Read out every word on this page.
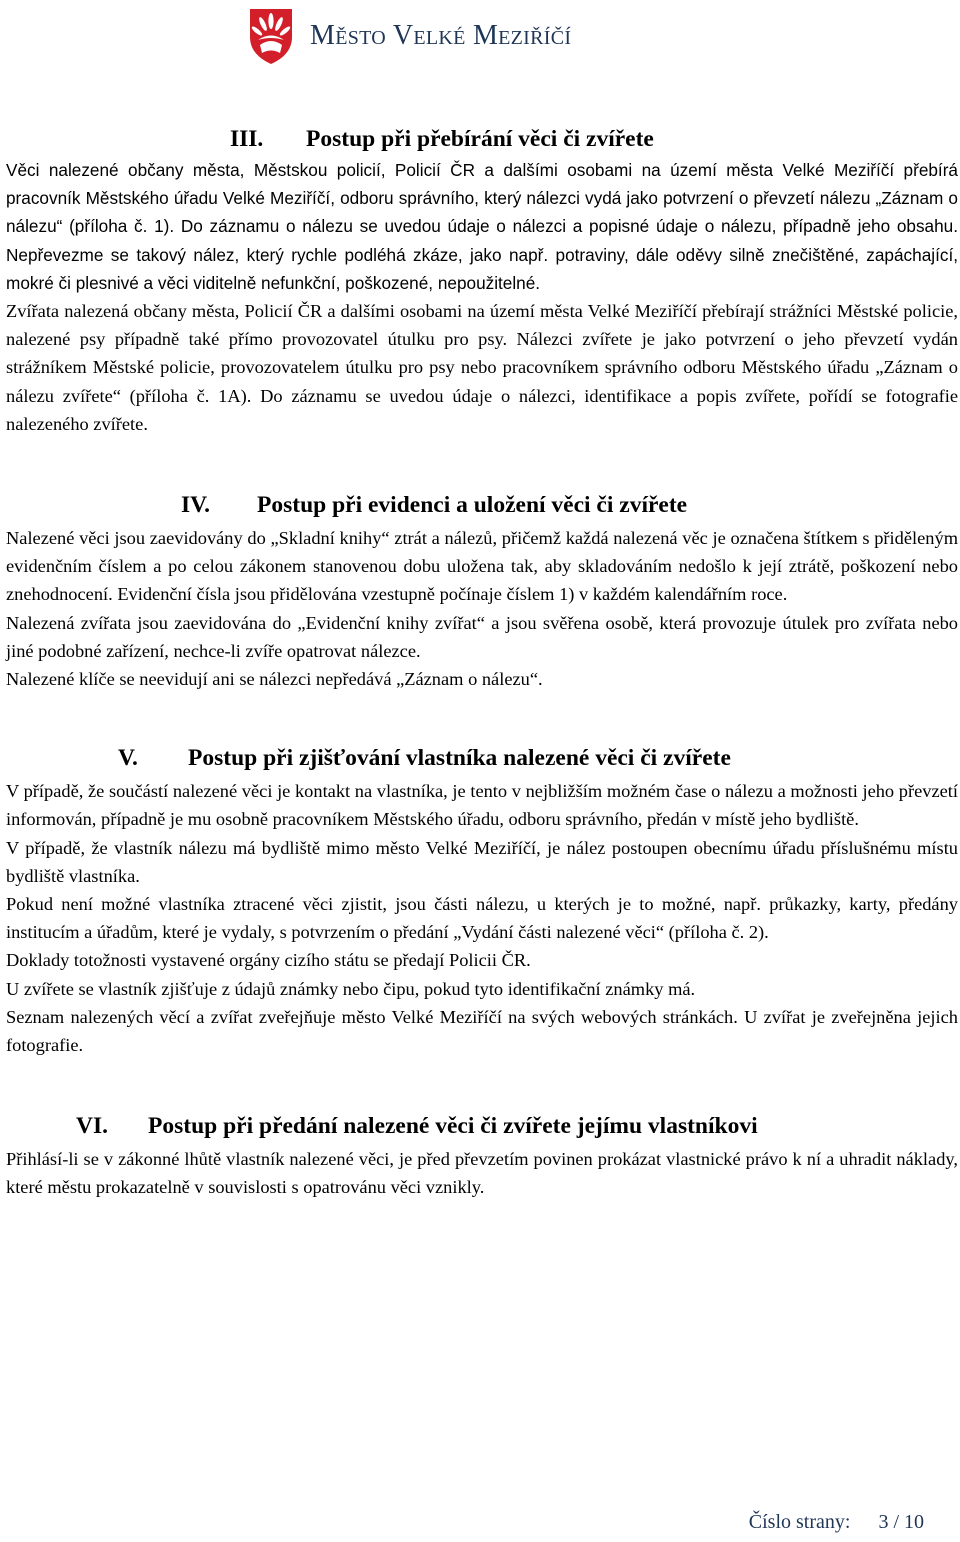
Město Velké Meziříčí
III. Postup při přebírání věci či zvířete

Věci nalezené občany města, Městskou policií, Policií ČR a dalšími osobami na území města Velké Meziříčí přebírá pracovník Městského úřadu Velké Meziříčí, odboru správního, který nálezci vydá jako potvrzení o převzetí nálezu „Záznam o nálezu“ (příloha č. 1). Do záznamu o nálezu se uvedou údaje o nálezci a popisné údaje o nálezu, případně jeho obsahu. Nepřevezme se takový nález, který rychle podléhá zkáze, jako např. potraviny, dále oděvy silně znečištěné, zapáchající, mokré či plesnivé a věci viditelně nefunkční, poškozené, nepoužitelné.

Zvířata nalezená občany města, Policií ČR a dalšími osobami na území města Velké Meziříčí přebírají strážníci Městské policie, nalezené psy případně také přímo provozovatel útulku pro psy. Nálezci zvířete je jako potvrzení o jeho převzetí vydán strážníkem Městské policie, provozovatelem útulku pro psy nebo pracovníkem správního odboru Městského úřadu „Záznam o nálezu zvířete“ (příloha č. 1A). Do záznamu se uvedou údaje o nálezci, identifikace a popis zvířete, pořídí se fotografie nalezeného zvířete.

IV. Postup při evidenci a uložení věci či zvířete

Nalezené věci jsou zaevidovány do „Skladní knihy“ ztrát a nálezů, přičemž každá nalezená věc je označena štítkem s přiděleným evidenčním číslem a po celou zákonem stanovenou dobu uložena tak, aby skladováním nedošlo k její ztrátě, poškození nebo znehodnocení. Evidenční čísla jsou přidělována vzestupně počínaje číslem 1) v každém kalendářním roce.

Nalezená zvířata jsou zaevidována do „Evidenční knihy zvířat“ a jsou svěřena osobě, která provozuje útulek pro zvířata nebo jiné podobné zařízení, nechce-li zvíře opatrovat nálezce.

Nalezené klíče se neevidují ani se nálezci nepředává „Záznam o nálezu“.

V. Postup při zjišťování vlastníka nalezené věci či zvířete

V případě, že součástí nalezené věci je kontakt na vlastníka, je tento v nejbližším možném čase o nálezu a možnosti jeho převzetí informován, případně je mu osobně pracovníkem Městského úřadu, odboru správního, předán v místě jeho bydliště.

V případě, že vlastník nálezu má bydliště mimo město Velké Meziříčí, je nález postoupen obecnímu úřadu příslušnému místu bydliště vlastníka.

Pokud není možné vlastníka ztracené věci zjistit, jsou části nálezu, u kterých je to možné, např. průkazky, karty, předány institucím a úřadům, které je vydaly, s potvrzením o předání „Vydání části nalezené věci“ (příloha č. 2).

Doklady totožnosti vystavené orgány cizího státu se předají Policii ČR.

U zvířete se vlastník zjišťuje z údajů známky nebo čipu, pokud tyto identifikační známky má.

Seznam nalezených věcí a zvířat zveřejňuje město Velké Meziříčí na svých webových stránkách. U zvířat je zveřejněna jejich fotografie.

VI. Postup při předání nalezené věci či zvířete jejímu vlastníkovi

Přihlásí-li se v zákonné lhůtě vlastník nalezené věci, je před převzetím povinen prokázat vlastnické právo k ní a uhradit náklady, které městu prokazatelně v souvislosti s opatrovánu věci vznikly.

Číslo strany: 3 / 10
